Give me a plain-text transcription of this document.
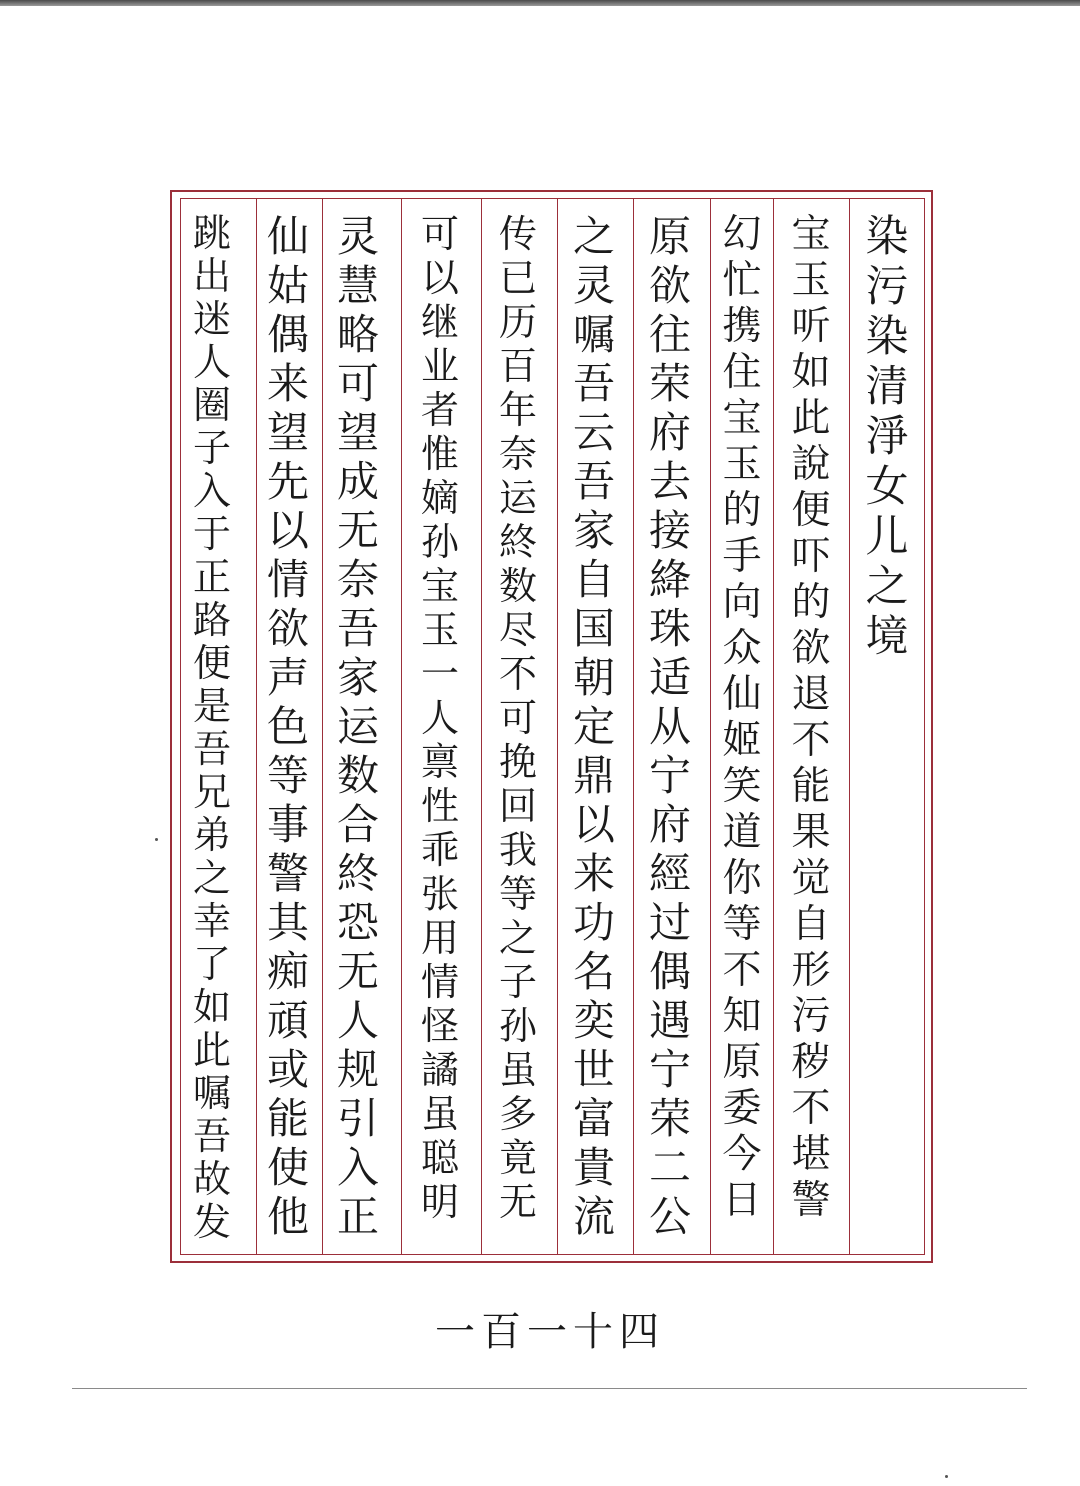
染
污
染
清
淨
女
儿
之
境
宝
玉
听
如
此
說
便
吓
的
欲
退
不
能
果
觉
自
形
污
秽
不
堪
警
幻
忙
携
住
宝
玉
的
手
向
众
仙
姬
笑
道
你
等
不
知
原
委
今
日
原
欲
往
荣
府
去
接
絳
珠
适
从
宁
府
經
过
偶
遇
宁
荣
二
公
之
灵
嘱
吾
云
吾
家
自
国
朝
定
鼎
以
来
功
名
奕
世
富
貴
流
传
已
历
百
年
奈
运
終
数
尽
不
可
挽
回
我
等
之
子
孙
虽
多
竟
无
可
以
继
业
者
惟
嫡
孙
宝
玉
一
人
禀
性
乖
张
用
情
怪
譎
虽
聪
明
灵
慧
略
可
望
成
无
奈
吾
家
运
数
合
終
恐
无
人
规
引
入
正
仙
姑
偶
来
望
先
以
情
欲
声
色
等
事
警
其
痴
頑
或
能
使
他
跳
出
迷
人
圈
子
入
于
正
路
便
是
吾
兄
弟
之
幸
了
如
此
嘱
吾
故
发
一百一十四
